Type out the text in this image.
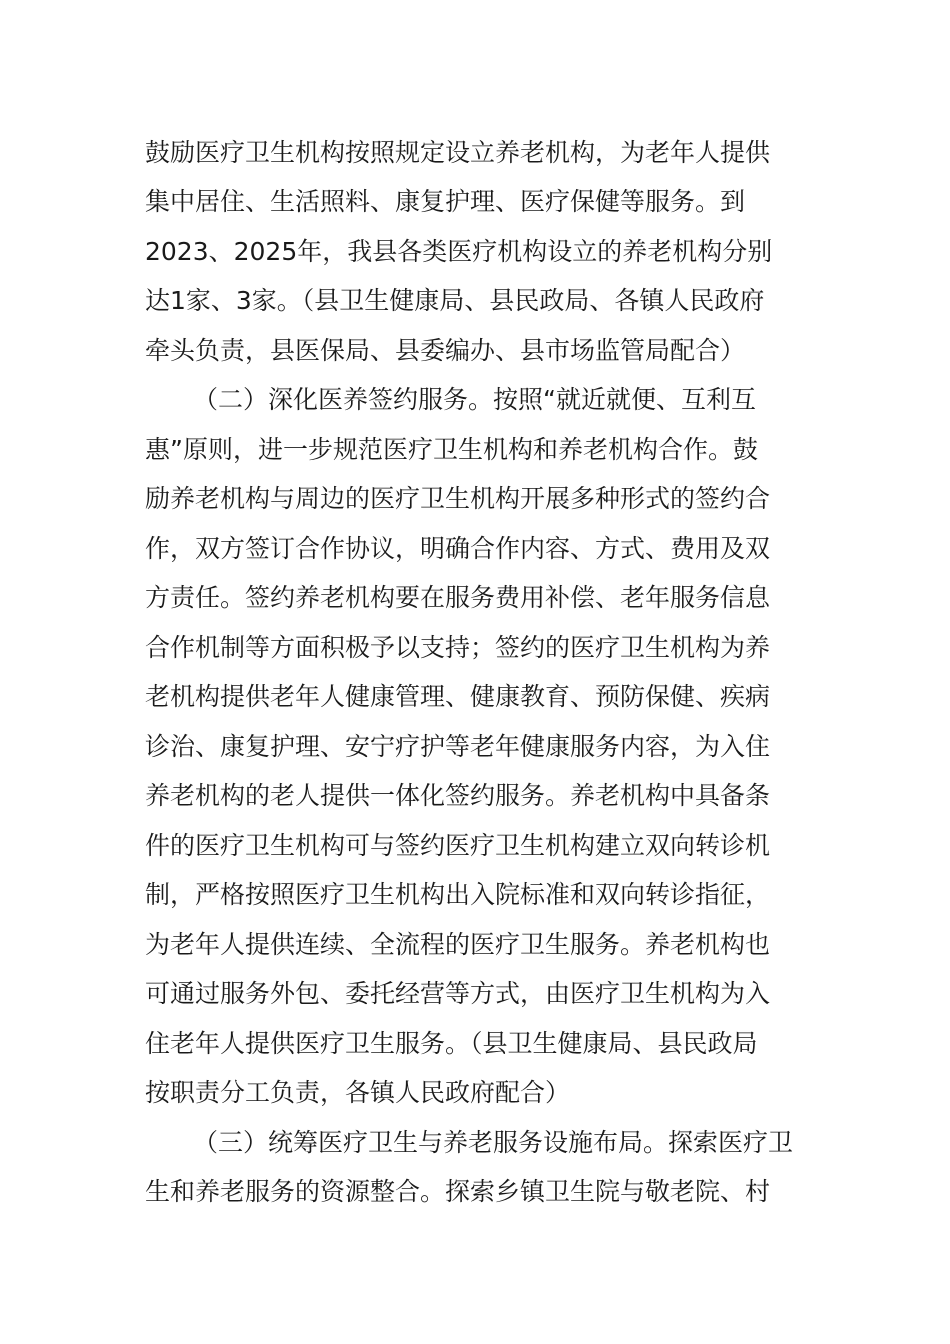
鼓励医疗卫生机构按照规定设立养老机构，为老年人提供
集中居住、生活照料、康复护理、医疗保健等服务。到
2023、2025年，我县各类医疗机构设立的养老机构分别
达1家、3家。（县卫生健康局、县民政局、各镇人民政府
牵头负责，县医保局、县委编办、县市场监管局配合）
（二）深化医养签约服务。按照“就近就便、互利互
惠”原则，进一步规范医疗卫生机构和养老机构合作。鼓
励养老机构与周边的医疗卫生机构开展多种形式的签约合
作，双方签订合作协议，明确合作内容、方式、费用及双
方责任。签约养老机构要在服务费用补偿、老年服务信息
合作机制等方面积极予以支持；签约的医疗卫生机构为养
老机构提供老年人健康管理、健康教育、预防保健、疾病
诊治、康复护理、安宁疗护等老年健康服务内容，为入住
养老机构的老人提供一体化签约服务。养老机构中具备条
件的医疗卫生机构可与签约医疗卫生机构建立双向转诊机
制，严格按照医疗卫生机构出入院标准和双向转诊指征，
为老年人提供连续、全流程的医疗卫生服务。养老机构也
可通过服务外包、委托经营等方式，由医疗卫生机构为入
住老年人提供医疗卫生服务。（县卫生健康局、县民政局
按职责分工负责，各镇人民政府配合）
（三）统筹医疗卫生与养老服务设施布局。探索医疗卫
生和养老服务的资源整合。探索乡镇卫生院与敬老院、村
